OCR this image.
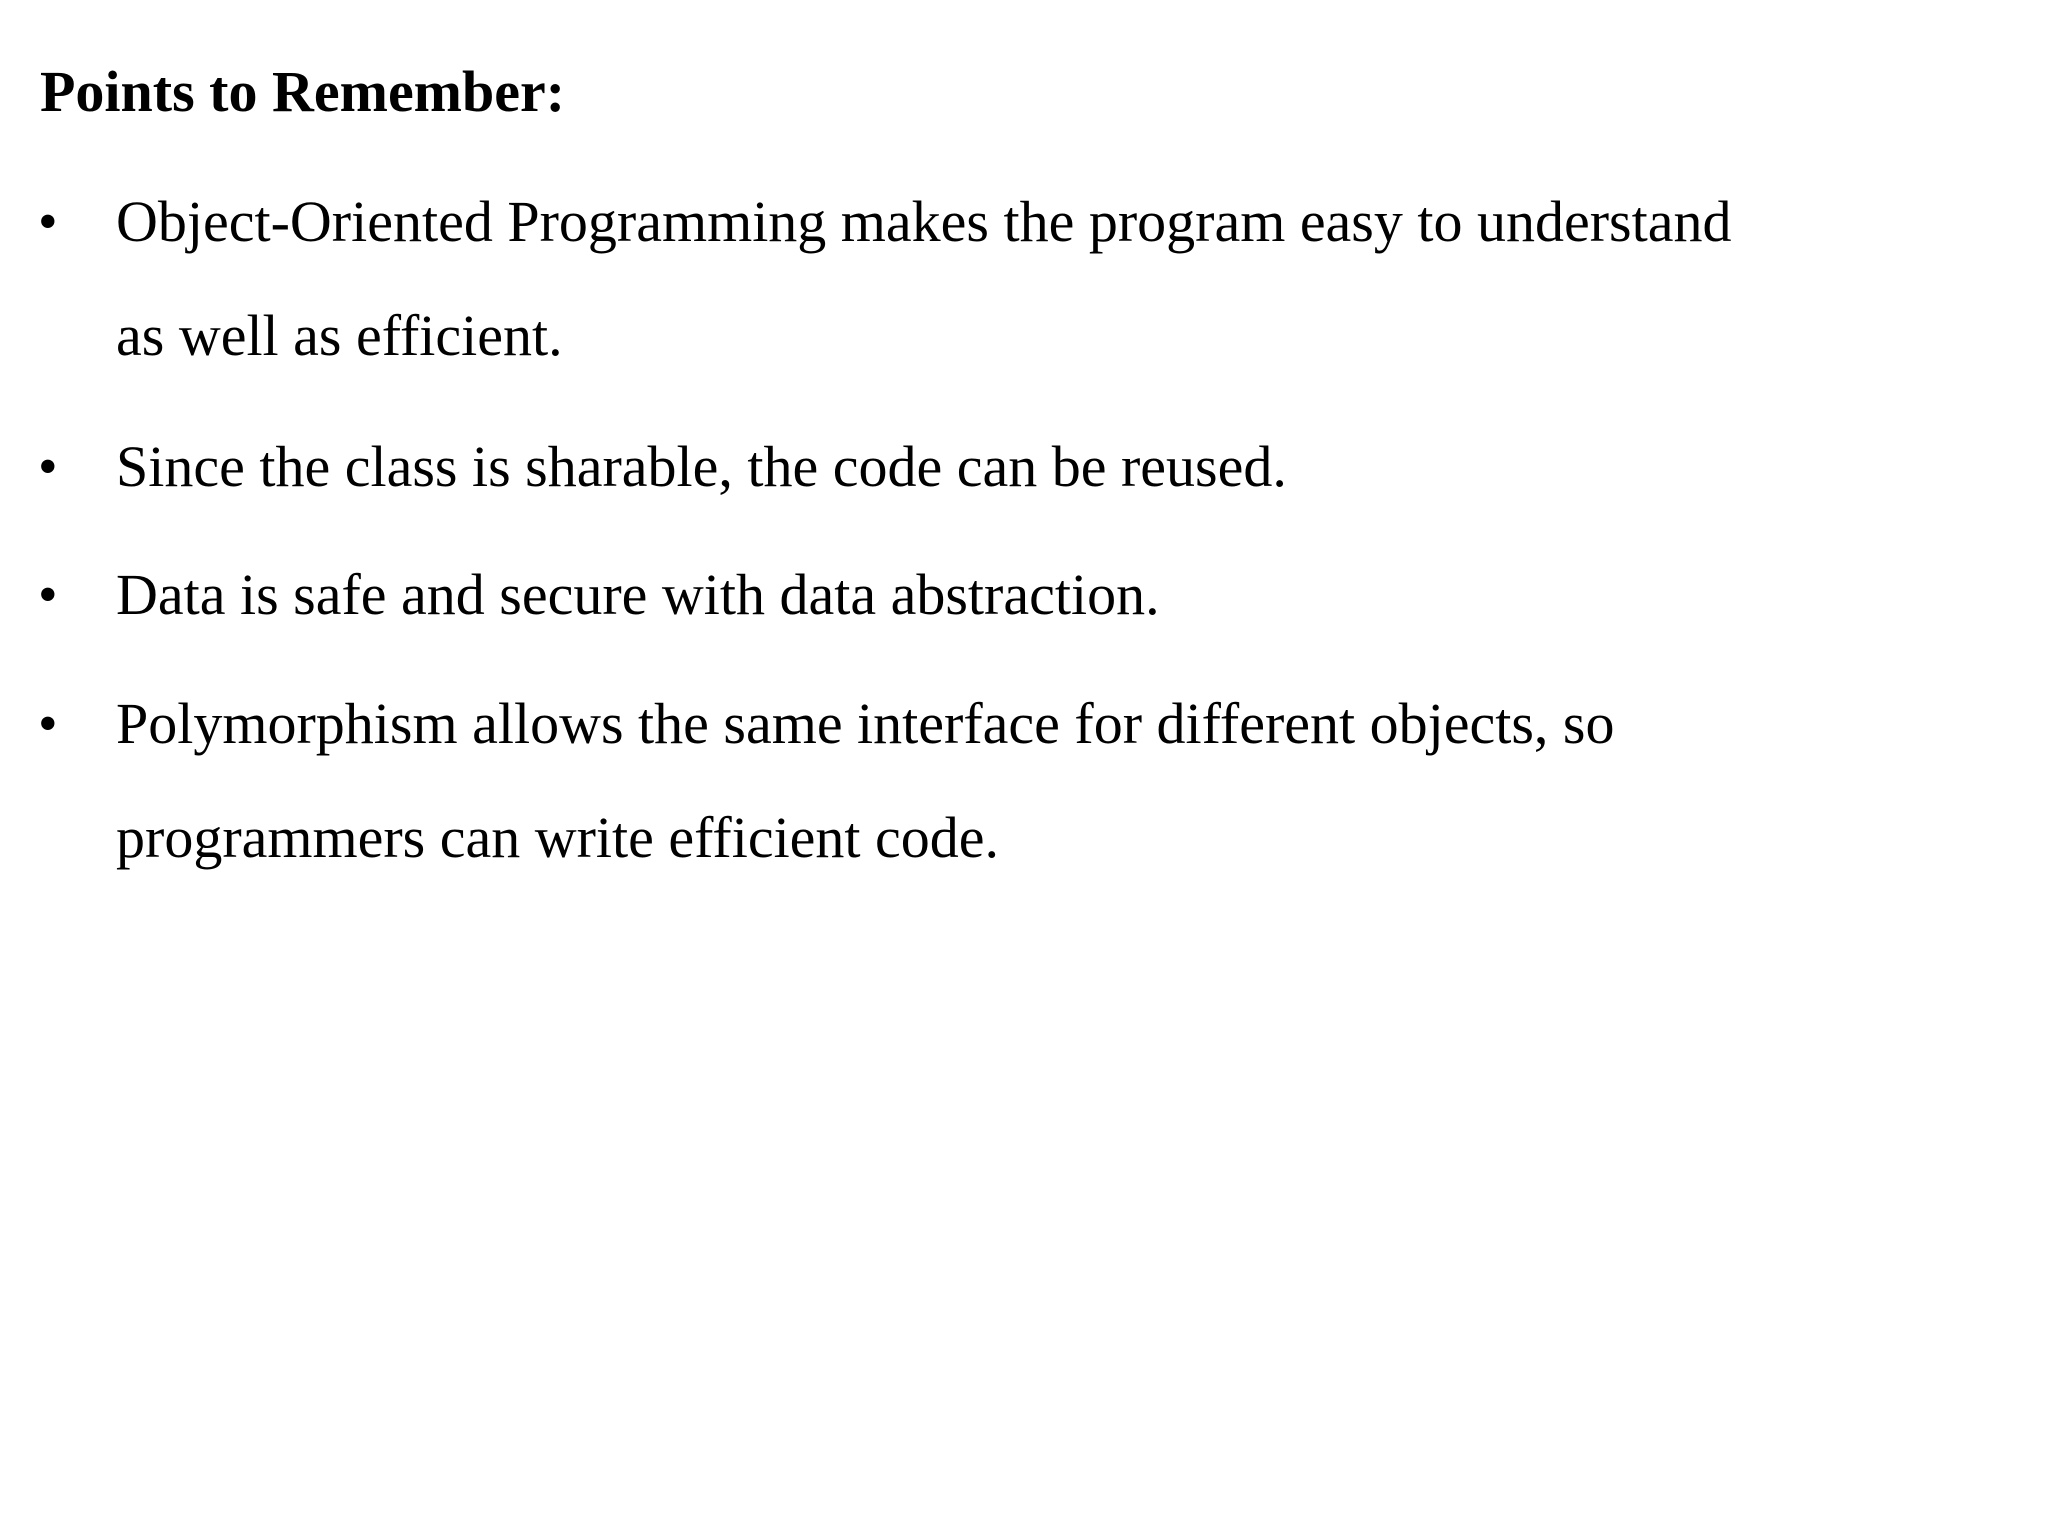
Points to Remember:
• Object-Oriented Programming makes the program easy to understand
as well as efficient.
• Since the class is sharable, the code can be reused.
• Data is safe and secure with data abstraction.
• Polymorphism allows the same interface for different objects, so
programmers can write efficient code.
